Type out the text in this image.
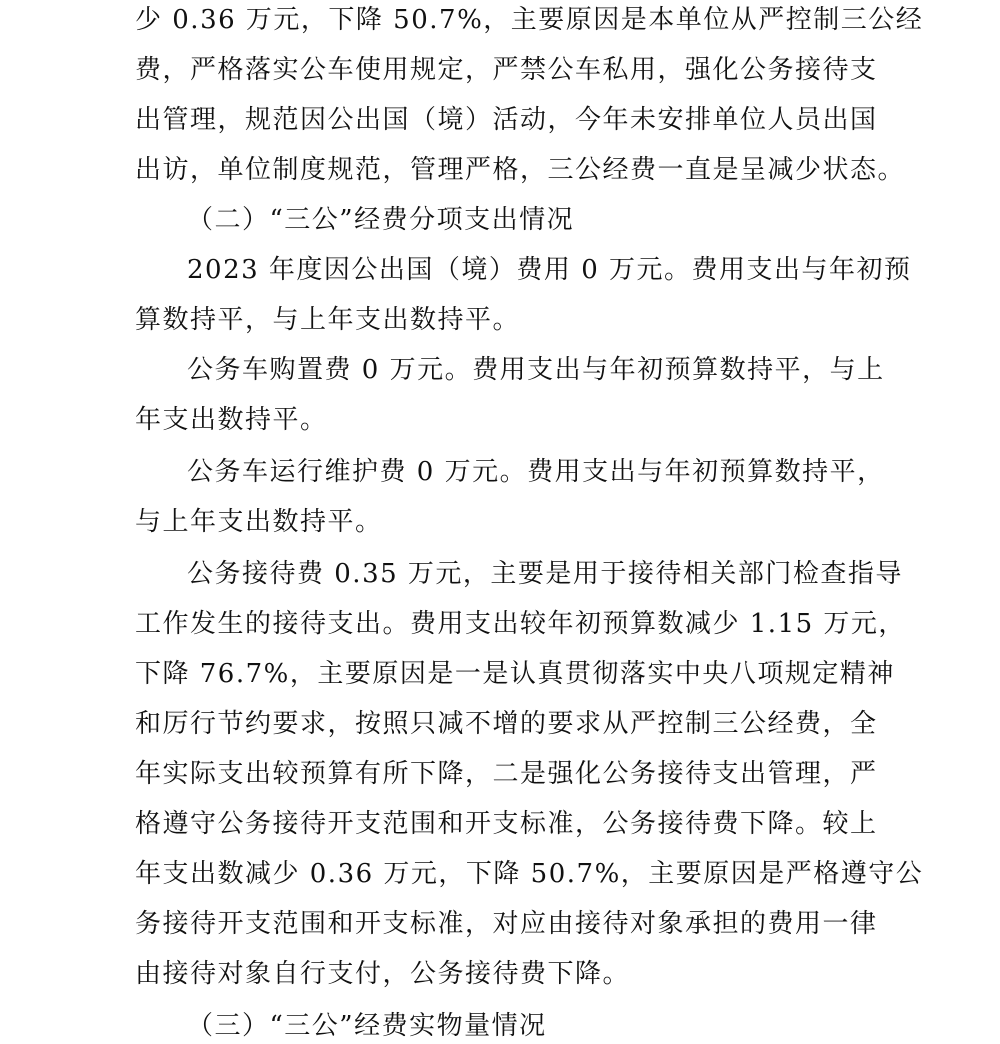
少 0.36 万元，下降 50.7%，主要原因是本单位从严控制三公经
费，严格落实公车使用规定，严禁公车私用，强化公务接待支
出管理，规范因公出国（境）活动，今年未安排单位人员出国
出访，单位制度规范，管理严格，三公经费一直是呈减少状态。
（二）“三公”经费分项支出情况
2023 年度因公出国（境）费用 0 万元。费用支出与年初预
算数持平，与上年支出数持平。
公务车购置费 0 万元。费用支出与年初预算数持平，与上
年支出数持平。
公务车运行维护费 0 万元。费用支出与年初预算数持平，
与上年支出数持平。
公务接待费 0.35 万元，主要是用于接待相关部门检查指导
工作发生的接待支出。费用支出较年初预算数减少 1.15 万元，
下降 76.7%，主要原因是一是认真贯彻落实中央八项规定精神
和厉行节约要求，按照只减不增的要求从严控制三公经费，全
年实际支出较预算有所下降，二是强化公务接待支出管理，严
格遵守公务接待开支范围和开支标准，公务接待费下降。较上
年支出数减少 0.36 万元，下降 50.7%，主要原因是严格遵守公
务接待开支范围和开支标准，对应由接待对象承担的费用一律
由接待对象自行支付，公务接待费下降。
（三）“三公”经费实物量情况
